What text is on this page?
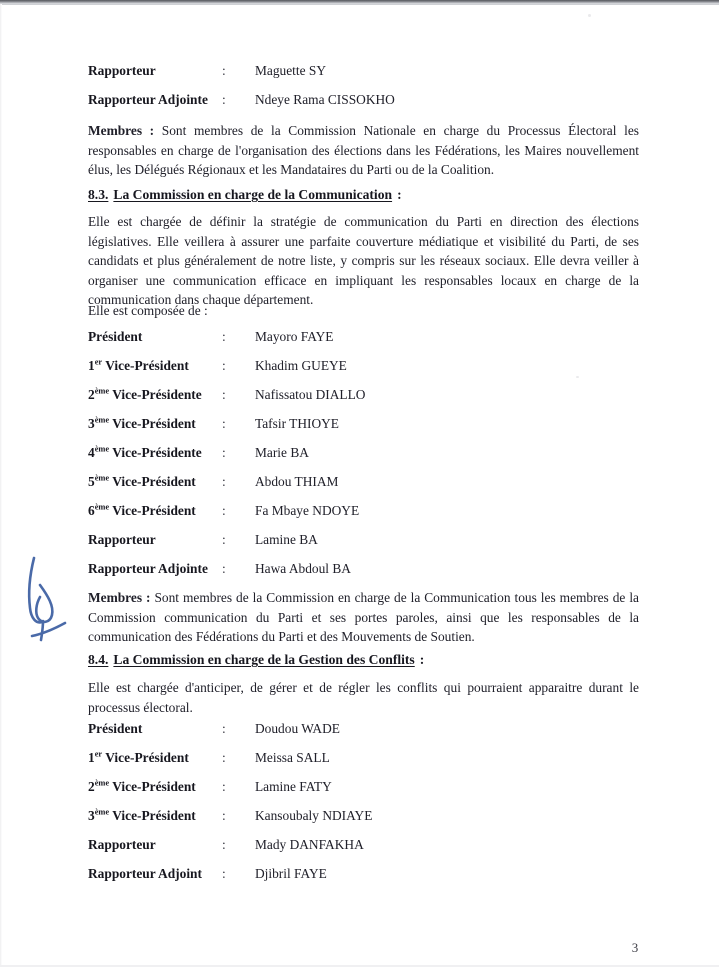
Rapporteur	:	Maguette SY
Rapporteur Adjointe	:	Ndeye Rama CISSOKHO

Membres : Sont membres de la Commission Nationale en charge du Processus Électoral les responsables en charge de l'organisation des élections dans les Fédérations, les Maires nouvellement élus, les Délégués Régionaux et les Mandataires du Parti ou de la Coalition.

8.3. La Commission en charge de la Communication :

Elle est chargée de définir la stratégie de communication du Parti en direction des élections législatives. Elle veillera à assurer une parfaite couverture médiatique et visibilité du Parti, de ses candidats et plus généralement de notre liste, y compris sur les réseaux sociaux. Elle devra veiller à organiser une communication efficace en impliquant les responsables locaux en charge de la communication dans chaque département.

Elle est composée de :

Président	:	Mayoro FAYE
1er Vice-Président	:	Khadim GUEYE
2ème Vice-Présidente	:	Nafissatou DIALLO
3ème Vice-Président	:	Tafsir THIOYE
4ème Vice-Présidente	:	Marie BA
5ème Vice-Président	:	Abdou THIAM
6ème Vice-Président	:	Fa Mbaye NDOYE
Rapporteur	:	Lamine BA
Rapporteur Adjointe	:	Hawa Abdoul BA

Membres : Sont membres de la Commission en charge de la Communication tous les membres de la Commission communication du Parti et ses portes paroles, ainsi que les responsables de la communication des Fédérations du Parti et des Mouvements de Soutien.

8.4. La Commission en charge de la Gestion des Conflits :

Elle est chargée d'anticiper, de gérer et de régler les conflits qui pourraient apparaitre durant le processus électoral.

Président	:	Doudou WADE
1er Vice-Président	:	Meissa SALL
2ème Vice-Président	:	Lamine FATY
3ème Vice-Président	:	Kansoubaly NDIAYE
Rapporteur	:	Mady DANFAKHA
Rapporteur Adjoint	:	Djibril FAYE
3
